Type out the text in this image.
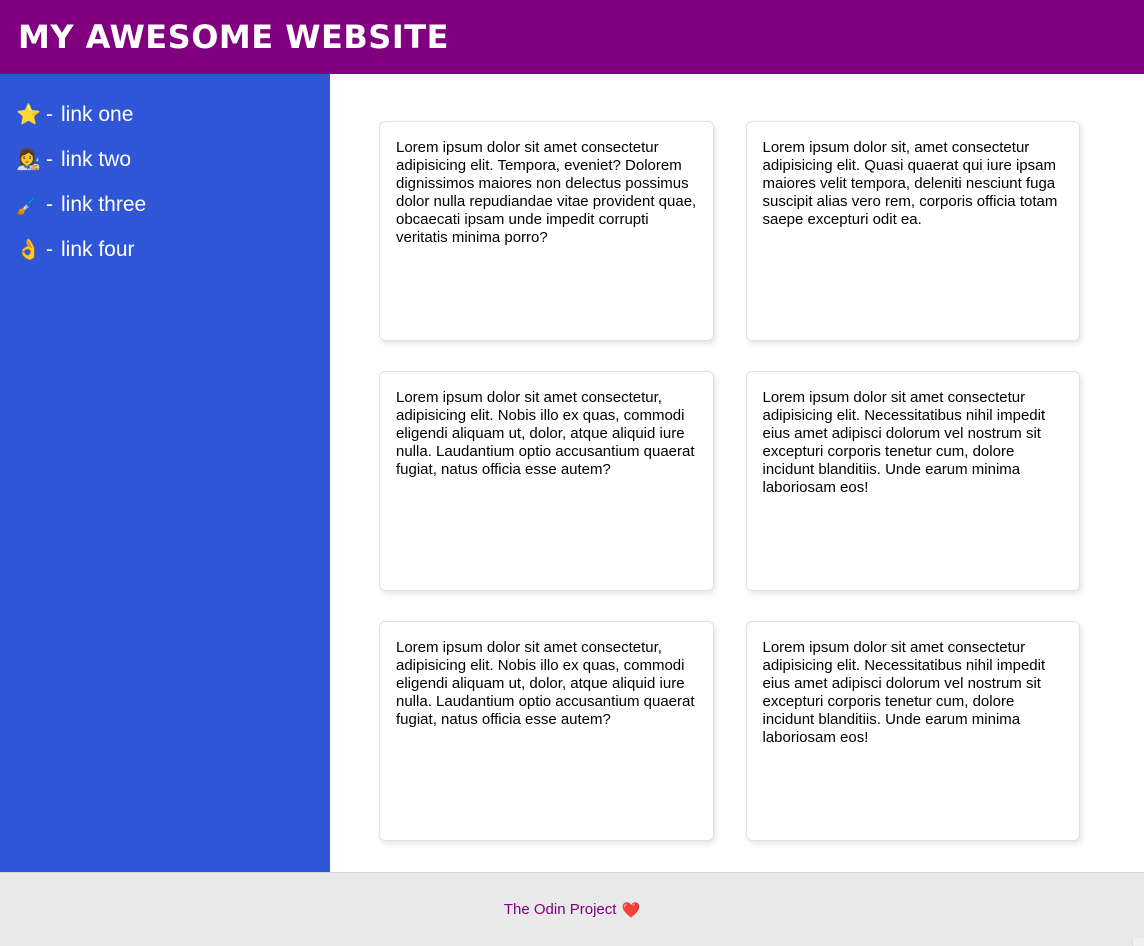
MY AWESOME WEBSITE
⭐ - link one
👩‍🎨 - link two
🖌️ - link three
👌 - link four

Lorem ipsum dolor sit amet consectetur adipisicing elit. Tempora, eveniet? Dolorem dignissimos maiores non delectus possimus dolor nulla repudiandae vitae provident quae, obcaecati ipsam unde impedit corrupti veritatis minima porro?

Lorem ipsum dolor sit, amet consectetur adipisicing elit. Quasi quaerat qui iure ipsam maiores velit tempora, deleniti nesciunt fuga suscipit alias vero rem, corporis officia totam saepe excepturi odit ea.

Lorem ipsum dolor sit amet consectetur, adipisicing elit. Nobis illo ex quas, commodi eligendi aliquam ut, dolor, atque aliquid iure nulla. Laudantium optio accusantium quaerat fugiat, natus officia esse autem?

Lorem ipsum dolor sit amet consectetur adipisicing elit. Necessitatibus nihil impedit eius amet adipisci dolorum vel nostrum sit excepturi corporis tenetur cum, dolore incidunt blanditiis. Unde earum minima laboriosam eos!

Lorem ipsum dolor sit amet consectetur, adipisicing elit. Nobis illo ex quas, commodi eligendi aliquam ut, dolor, atque aliquid iure nulla. Laudantium optio accusantium quaerat fugiat, natus officia esse autem?

Lorem ipsum dolor sit amet consectetur adipisicing elit. Necessitatibus nihil impedit eius amet adipisci dolorum vel nostrum sit excepturi corporis tenetur cum, dolore incidunt blanditiis. Unde earum minima laboriosam eos!

The Odin Project ❤️
